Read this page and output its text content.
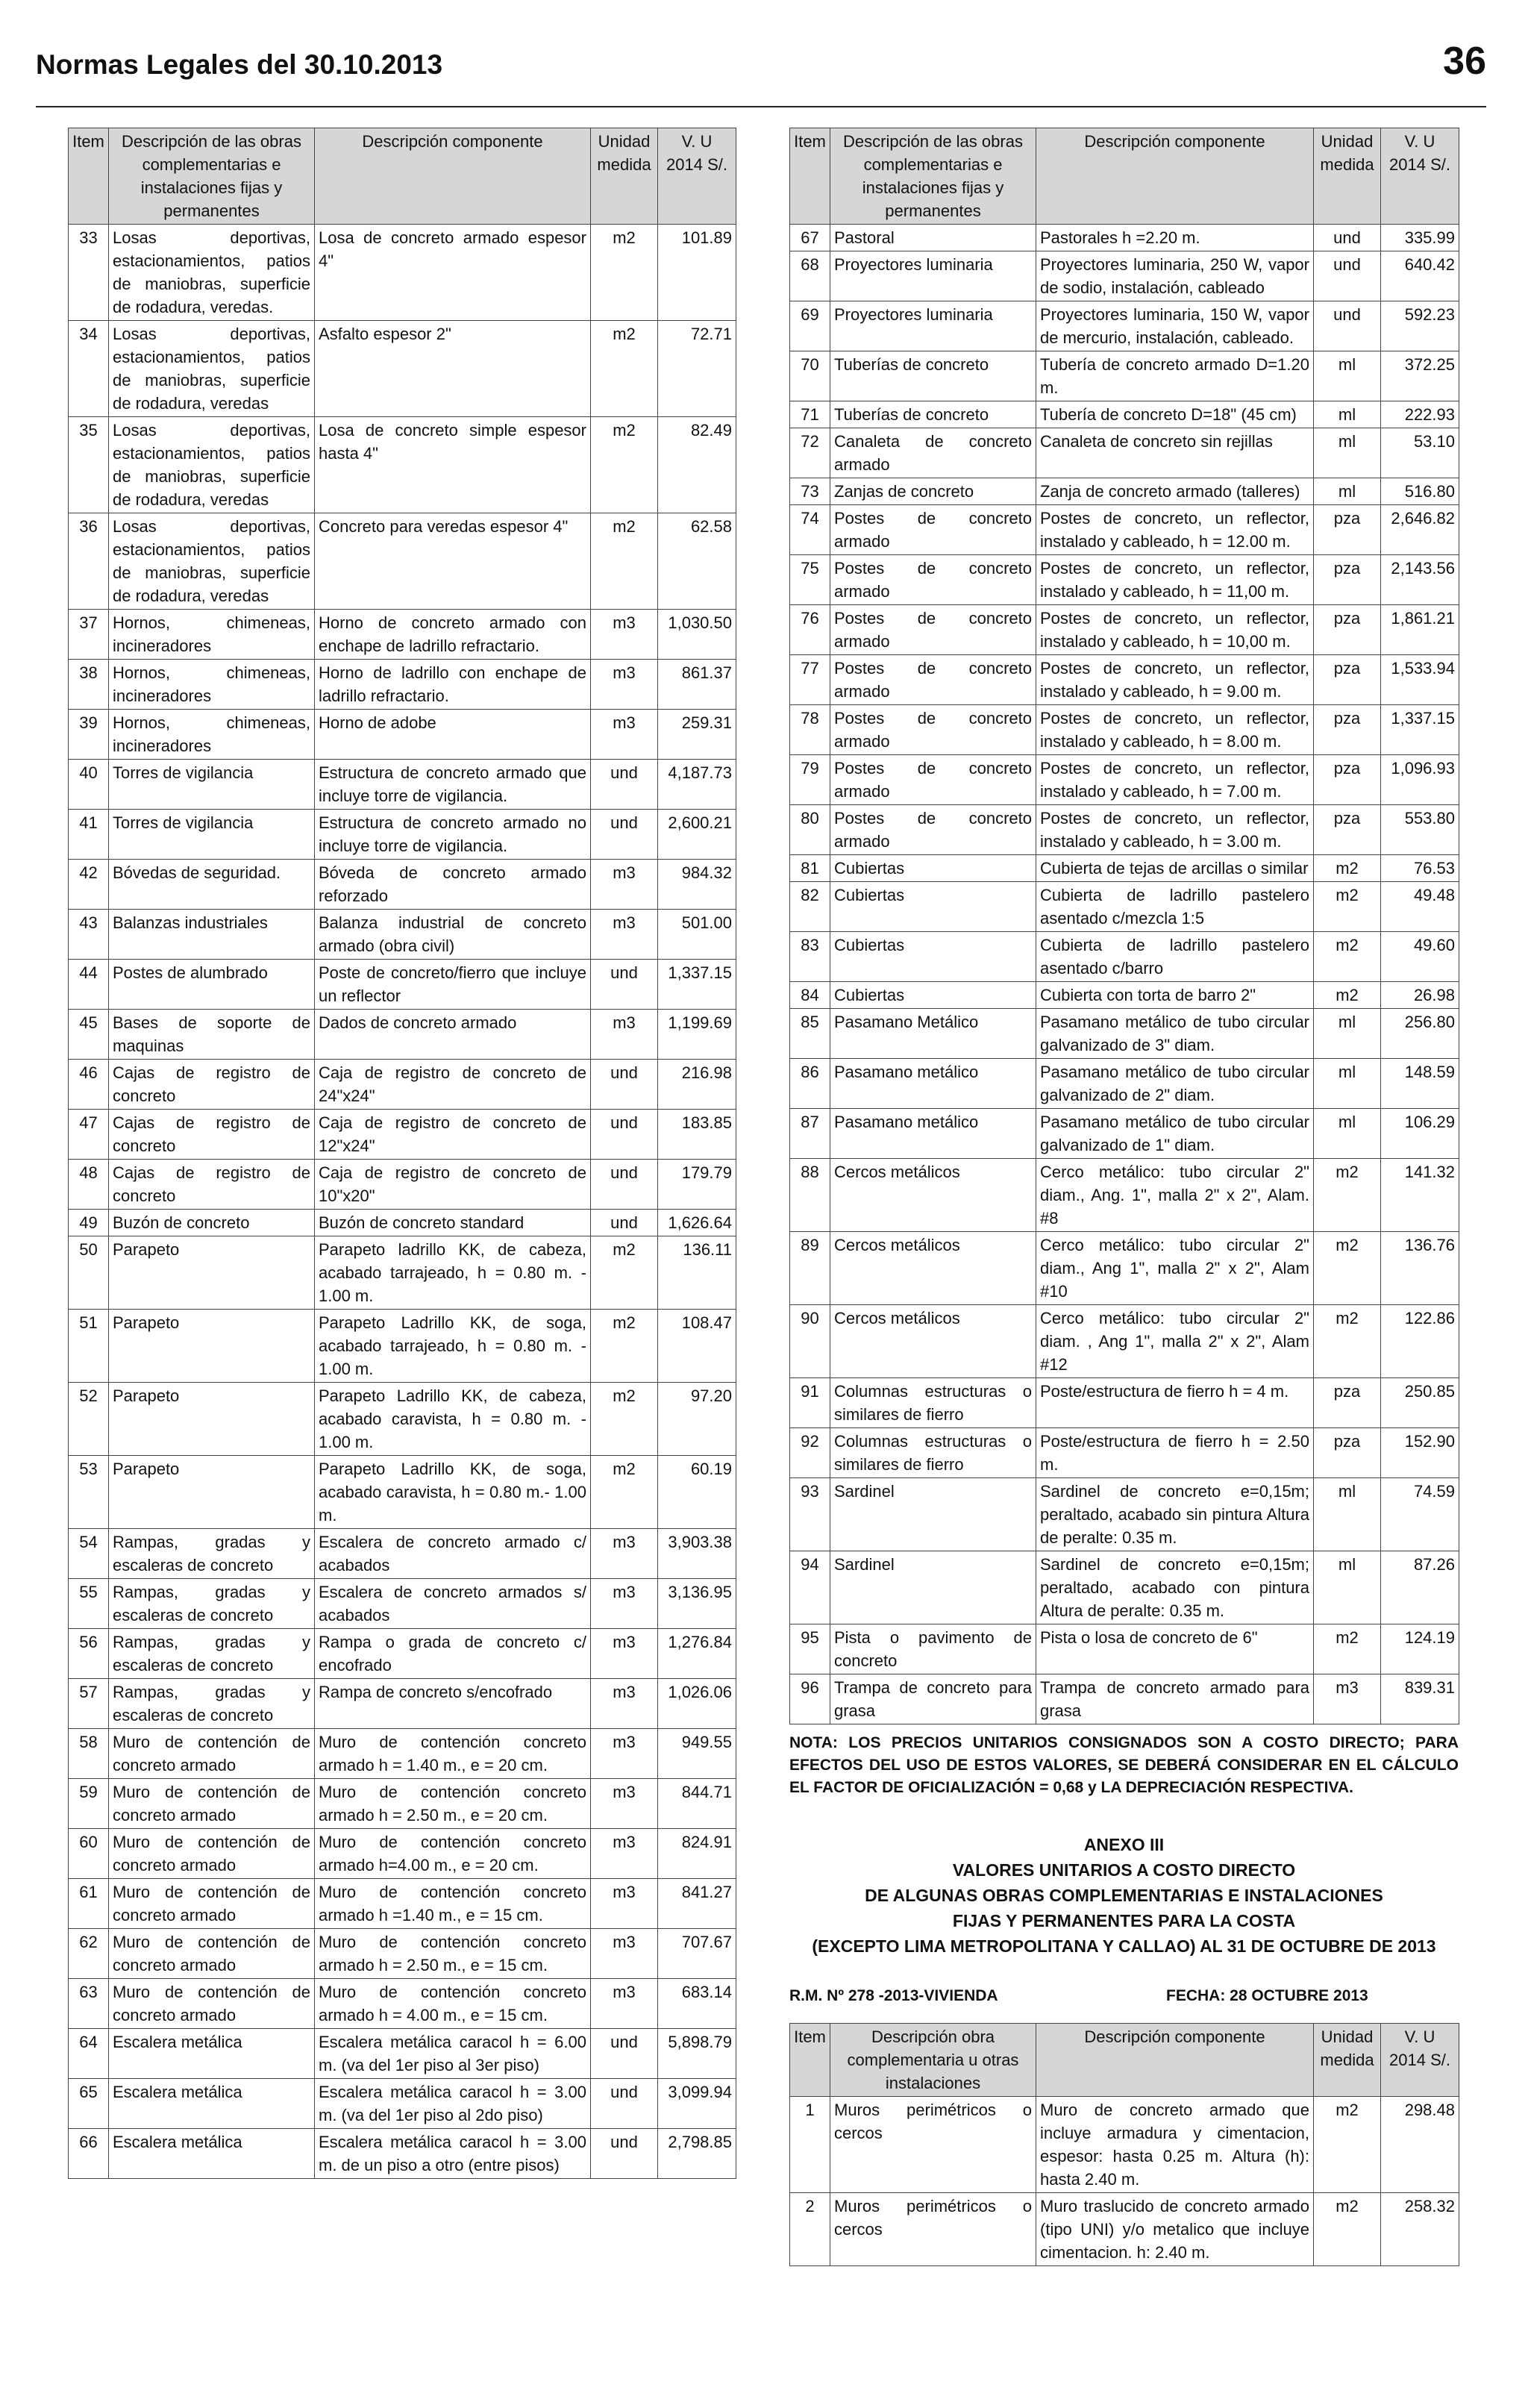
Normas Legales del 30.10.2013	36
Item	Descripción de las obras complementarias e instalaciones fijas y permanentes	Descripción componente	Unidad medida	V. U 2014 S/.
33	Losas deportivas, estacionamientos, patios de maniobras, superficie de rodadura, veredas.	Losa de concreto armado espesor 4"	m2	101.89
34	Losas deportivas, estacionamientos, patios de maniobras, superficie de rodadura, veredas	Asfalto espesor 2"	m2	72.71
35	Losas deportivas, estacionamientos, patios de maniobras, superficie de rodadura, veredas	Losa de concreto simple espesor hasta 4"	m2	82.49
36	Losas deportivas, estacionamientos, patios de maniobras, superficie de rodadura, veredas	Concreto para veredas espesor 4"	m2	62.58
37	Hornos, chimeneas, incineradores	Horno de concreto armado con enchape de ladrillo refractario.	m3	1,030.50
38	Hornos, chimeneas, incineradores	Horno de ladrillo con enchape de ladrillo refractario.	m3	861.37
39	Hornos, chimeneas, incineradores	Horno de adobe	m3	259.31
40	Torres de vigilancia	Estructura de concreto armado que incluye torre de vigilancia.	und	4,187.73
41	Torres de vigilancia	Estructura de concreto armado no incluye torre de vigilancia.	und	2,600.21
42	Bóvedas de seguridad.	Bóveda de concreto armado reforzado	m3	984.32
43	Balanzas industriales	Balanza industrial de concreto armado (obra civil)	m3	501.00
44	Postes de alumbrado	Poste de concreto/fierro que incluye un reflector	und	1,337.15
45	Bases de soporte de maquinas	Dados de concreto armado	m3	1,199.69
46	Cajas de registro de concreto	Caja de registro de concreto de 24"x24"	und	216.98
47	Cajas de registro de concreto	Caja de registro de concreto de 12"x24"	und	183.85
48	Cajas de registro de concreto	Caja de registro de concreto de 10"x20"	und	179.79
49	Buzón de concreto	Buzón de concreto standard	und	1,626.64
50	Parapeto	Parapeto ladrillo KK, de cabeza, acabado tarrajeado, h = 0.80 m. - 1.00 m.	m2	136.11
51	Parapeto	Parapeto Ladrillo KK, de soga, acabado tarrajeado, h = 0.80 m. - 1.00 m.	m2	108.47
52	Parapeto	Parapeto Ladrillo KK, de cabeza, acabado caravista, h = 0.80 m. - 1.00 m.	m2	97.20
53	Parapeto	Parapeto Ladrillo KK, de soga, acabado caravista, h = 0.80 m.- 1.00 m.	m2	60.19
54	Rampas, gradas y escaleras de concreto	Escalera de concreto armado c/ acabados	m3	3,903.38
55	Rampas, gradas y escaleras de concreto	Escalera de concreto armados s/ acabados	m3	3,136.95
56	Rampas, gradas y escaleras de concreto	Rampa o grada de concreto c/ encofrado	m3	1,276.84
57	Rampas, gradas y escaleras de concreto	Rampa de concreto s/encofrado	m3	1,026.06
58	Muro de contención de concreto armado	Muro de contención concreto armado h = 1.40 m., e = 20 cm.	m3	949.55
59	Muro de contención de concreto armado	Muro de contención concreto armado h = 2.50 m., e = 20 cm.	m3	844.71
60	Muro de contención de concreto armado	Muro de contención concreto armado h=4.00 m., e = 20 cm.	m3	824.91
61	Muro de contención de concreto armado	Muro de contención concreto armado h =1.40 m., e = 15 cm.	m3	841.27
62	Muro de contención de concreto armado	Muro de contención concreto armado h = 2.50 m., e = 15 cm.	m3	707.67
63	Muro de contención de concreto armado	Muro de contención concreto armado h = 4.00 m., e = 15 cm.	m3	683.14
64	Escalera metálica	Escalera metálica caracol h = 6.00 m. (va del 1er piso al 3er piso)	und	5,898.79
65	Escalera metálica	Escalera metálica caracol h = 3.00 m. (va del 1er piso al 2do piso)	und	3,099.94
66	Escalera metálica	Escalera metálica caracol h = 3.00 m. de un piso a otro (entre pisos)	und	2,798.85
Item	Descripción de las obras complementarias e instalaciones fijas y permanentes	Descripción componente	Unidad medida	V. U 2014 S/.
67	Pastoral	Pastorales h =2.20 m.	und	335.99
68	Proyectores luminaria	Proyectores luminaria, 250 W, vapor de sodio, instalación, cableado	und	640.42
69	Proyectores luminaria	Proyectores luminaria, 150 W, vapor de mercurio, instalación, cableado.	und	592.23
70	Tuberías de concreto	Tubería de concreto armado D=1.20 m.	ml	372.25
71	Tuberías de concreto	Tubería de concreto D=18" (45 cm)	ml	222.93
72	Canaleta de concreto armado	Canaleta de concreto sin rejillas	ml	53.10
73	Zanjas de concreto	Zanja de concreto armado (talleres)	ml	516.80
74	Postes de concreto armado	Postes de concreto, un reflector, instalado y cableado, h = 12.00 m.	pza	2,646.82
75	Postes de concreto armado	Postes de concreto, un reflector, instalado y cableado, h = 11,00 m.	pza	2,143.56
76	Postes de concreto armado	Postes de concreto, un reflector, instalado y cableado, h = 10,00 m.	pza	1,861.21
77	Postes de concreto armado	Postes de concreto, un reflector, instalado y cableado, h = 9.00 m.	pza	1,533.94
78	Postes de concreto armado	Postes de concreto, un reflector, instalado y cableado, h = 8.00 m.	pza	1,337.15
79	Postes de concreto armado	Postes de concreto, un reflector, instalado y cableado, h = 7.00 m.	pza	1,096.93
80	Postes de concreto armado	Postes de concreto, un reflector, instalado y cableado, h = 3.00 m.	pza	553.80
81	Cubiertas	Cubierta de tejas de arcillas o similar	m2	76.53
82	Cubiertas	Cubierta de ladrillo pastelero asentado c/mezcla 1:5	m2	49.48
83	Cubiertas	Cubierta de ladrillo pastelero asentado c/barro	m2	49.60
84	Cubiertas	Cubierta con torta de barro 2"	m2	26.98
85	Pasamano Metálico	Pasamano metálico de tubo circular galvanizado de 3" diam.	ml	256.80
86	Pasamano metálico	Pasamano metálico de tubo circular galvanizado de 2" diam.	ml	148.59
87	Pasamano metálico	Pasamano metálico de tubo circular galvanizado de 1" diam.	ml	106.29
88	Cercos metálicos	Cerco metálico: tubo circular 2" diam., Ang. 1", malla 2" x 2", Alam. #8	m2	141.32
89	Cercos metálicos	Cerco metálico: tubo circular 2" diam., Ang 1", malla 2" x 2", Alam #10	m2	136.76
90	Cercos metálicos	Cerco metálico: tubo circular 2" diam. , Ang 1", malla 2" x 2", Alam #12	m2	122.86
91	Columnas estructuras o similares de fierro	Poste/estructura de fierro h = 4 m.	pza	250.85
92	Columnas estructuras o similares de fierro	Poste/estructura de fierro h = 2.50 m.	pza	152.90
93	Sardinel	Sardinel de concreto e=0,15m; peraltado, acabado sin pintura Altura de peralte: 0.35 m.	ml	74.59
94	Sardinel	Sardinel de concreto e=0,15m; peraltado, acabado con pintura Altura de peralte: 0.35 m.	ml	87.26
95	Pista o pavimento de concreto	Pista o losa de concreto de 6"	m2	124.19
96	Trampa de concreto para grasa	Trampa de concreto armado para grasa	m3	839.31

NOTA: LOS PRECIOS UNITARIOS CONSIGNADOS SON A COSTO DIRECTO; PARA EFECTOS DEL USO DE ESTOS VALORES, SE DEBERÁ CONSIDERAR EN EL CÁLCULO EL FACTOR DE OFICIALIZACIÓN = 0,68 y LA DEPRECIACIÓN RESPECTIVA.

ANEXO III
VALORES UNITARIOS A COSTO DIRECTO
DE ALGUNAS OBRAS COMPLEMENTARIAS E INSTALACIONES
FIJAS Y PERMANENTES PARA LA COSTA
(EXCEPTO LIMA METROPOLITANA Y CALLAO) AL 31 DE OCTUBRE DE 2013
R.M. Nº 278 -2013-VIVIENDA	FECHA: 28 OCTUBRE 2013
Item	Descripción obra complementaria u otras instalaciones	Descripción componente	Unidad medida	V. U 2014 S/.
1	Muros perimétricos o cercos	Muro de concreto armado que incluye armadura y cimentacion, espesor: hasta 0.25 m. Altura (h): hasta 2.40 m.	m2	298.48
2	Muros perimétricos o cercos	Muro traslucido de concreto armado (tipo UNI) y/o metalico que incluye cimentacion. h: 2.40 m.	m2	258.32
